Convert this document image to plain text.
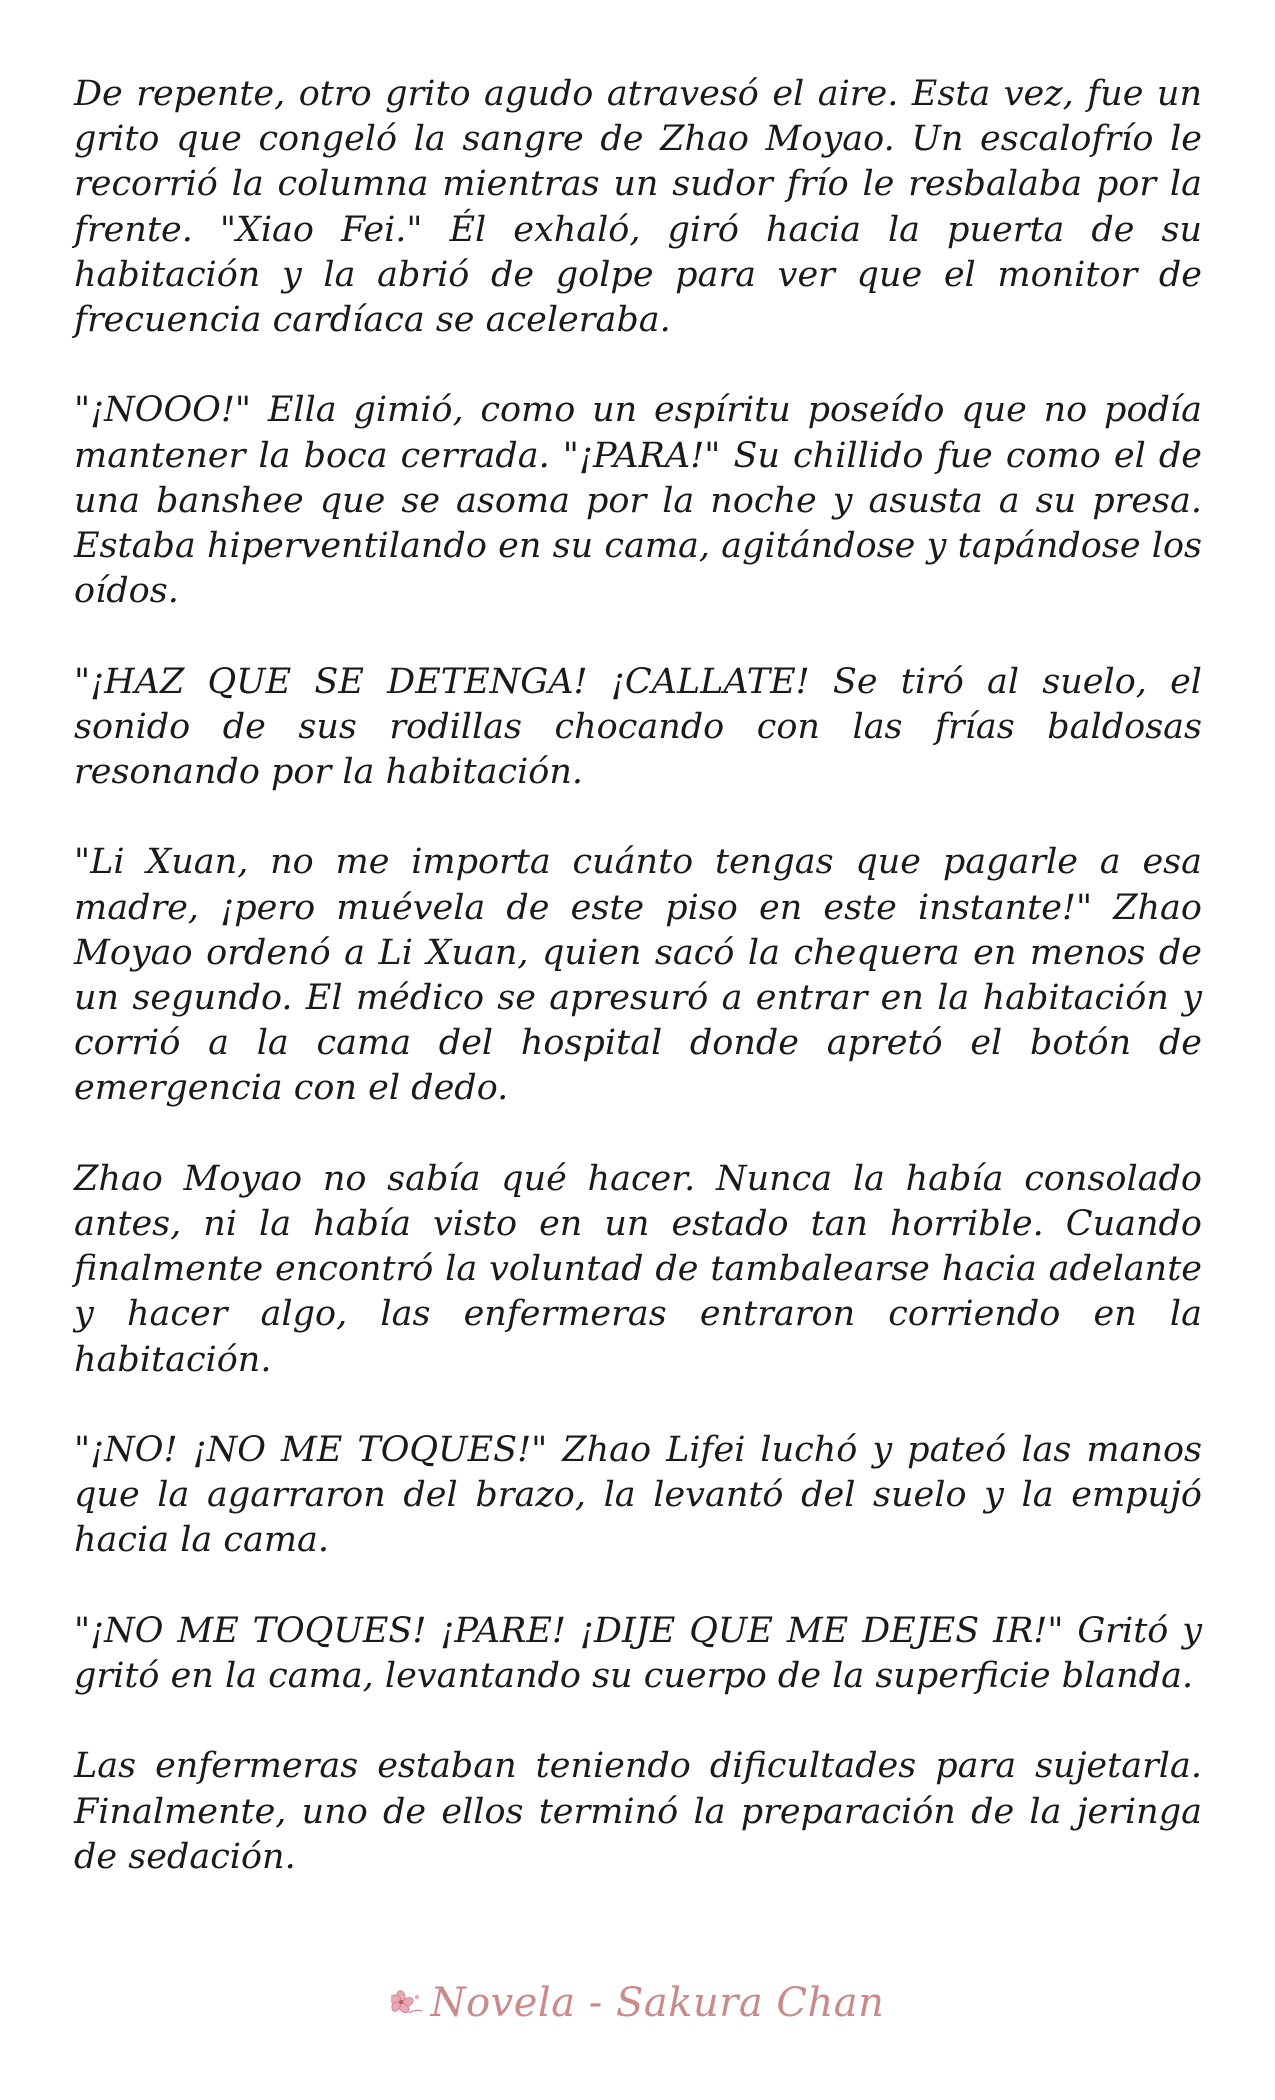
De repente, otro grito agudo atravesó el aire. Esta vez, fue un grito que congeló la sangre de Zhao Moyao. Un escalofrío le recorrió la columna mientras un sudor frío le resbalaba por la frente. "Xiao Fei." Él exhaló, giró hacia la puerta de su habitación y la abrió de golpe para ver que el monitor de frecuencia cardíaca se aceleraba.

"¡NOOO!" Ella gimió, como un espíritu poseído que no podía mantener la boca cerrada. "¡PARA!" Su chillido fue como el de una banshee que se asoma por la noche y asusta a su presa. Estaba hiperventilando en su cama, agitándose y tapándose los oídos.

"¡HAZ QUE SE DETENGA! ¡CALLATE! Se tiró al suelo, el sonido de sus rodillas chocando con las frías baldosas resonando por la habitación.

"Li Xuan, no me importa cuánto tengas que pagarle a esa madre, ¡pero muévela de este piso en este instante!" Zhao Moyao ordenó a Li Xuan, quien sacó la chequera en menos de un segundo. El médico se apresuró a entrar en la habitación y corrió a la cama del hospital donde apretó el botón de emergencia con el dedo.

Zhao Moyao no sabía qué hacer. Nunca la había consolado antes, ni la había visto en un estado tan horrible. Cuando finalmente encontró la voluntad de tambalearse hacia adelante y hacer algo, las enfermeras entraron corriendo en la habitación.

"¡NO! ¡NO ME TOQUES!" Zhao Lifei luchó y pateó las manos que la agarraron del brazo, la levantó del suelo y la empujó hacia la cama.

"¡NO ME TOQUES! ¡PARE! ¡DIJE QUE ME DEJES IR!" Gritó y gritó en la cama, levantando su cuerpo de la superficie blanda.

Las enfermeras estaban teniendo dificultades para sujetarla. Finalmente, uno de ellos terminó la preparación de la jeringa de sedación.

Novela - Sakura Chan
